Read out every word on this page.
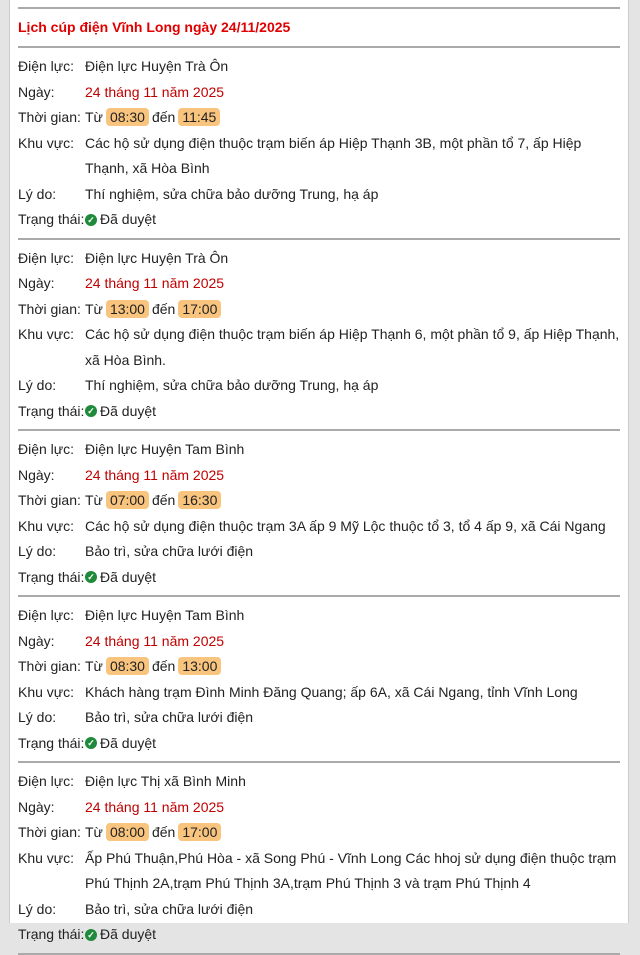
Lịch cúp điện Vĩnh Long ngày 24/11/2025
Điện lực: Điện lực Huyện Trà Ôn
Ngày:	24 tháng 11 năm 2025
Thời gian: Từ 08:30 đến 11:45
Khu vực: Các hộ sử dụng điện thuộc trạm biến áp Hiệp Thạnh 3B, một phần tổ 7, ấp Hiệp Thạnh, xã Hòa Bình
Lý do:	Thí nghiệm, sửa chữa bảo dưỡng Trung, hạ áp
Trạng thái: ✓ Đã duyệt
Điện lực: Điện lực Huyện Trà Ôn
Ngày:	24 tháng 11 năm 2025
Thời gian: Từ 13:00 đến 17:00
Khu vực: Các hộ sử dụng điện thuộc trạm biến áp Hiệp Thạnh 6, một phần tổ 9, ấp Hiệp Thạnh, xã Hòa Bình.
Lý do:	Thí nghiệm, sửa chữa bảo dưỡng Trung, hạ áp
Trạng thái: ✓ Đã duyệt
Điện lực: Điện lực Huyện Tam Bình
Ngày:	24 tháng 11 năm 2025
Thời gian: Từ 07:00 đến 16:30
Khu vực: Các hộ sử dụng điện thuộc trạm 3A ấp 9 Mỹ Lộc thuộc tổ 3, tổ 4 ấp 9, xã Cái Ngang
Lý do:	Bảo trì, sửa chữa lưới điện
Trạng thái: ✓ Đã duyệt
Điện lực: Điện lực Huyện Tam Bình
Ngày:	24 tháng 11 năm 2025
Thời gian: Từ 08:30 đến 13:00
Khu vực: Khách hàng trạm Đình Minh Đăng Quang; ấp 6A, xã Cái Ngang, tỉnh Vĩnh Long
Lý do:	Bảo trì, sửa chữa lưới điện
Trạng thái: ✓ Đã duyệt
Điện lực: Điện lực Thị xã Bình Minh
Ngày:	24 tháng 11 năm 2025
Thời gian: Từ 08:00 đến 17:00
Khu vực: Ấp Phú Thuận,Phú Hòa - xã Song Phú - Vĩnh Long Các hhoj sử dụng điện thuộc trạm Phú Thịnh 2A,trạm Phú Thịnh 3A,trạm Phú Thịnh 3 và trạm Phú Thịnh 4
Lý do:	Bảo trì, sửa chữa lưới điện
Trạng thái: ✓ Đã duyệt
